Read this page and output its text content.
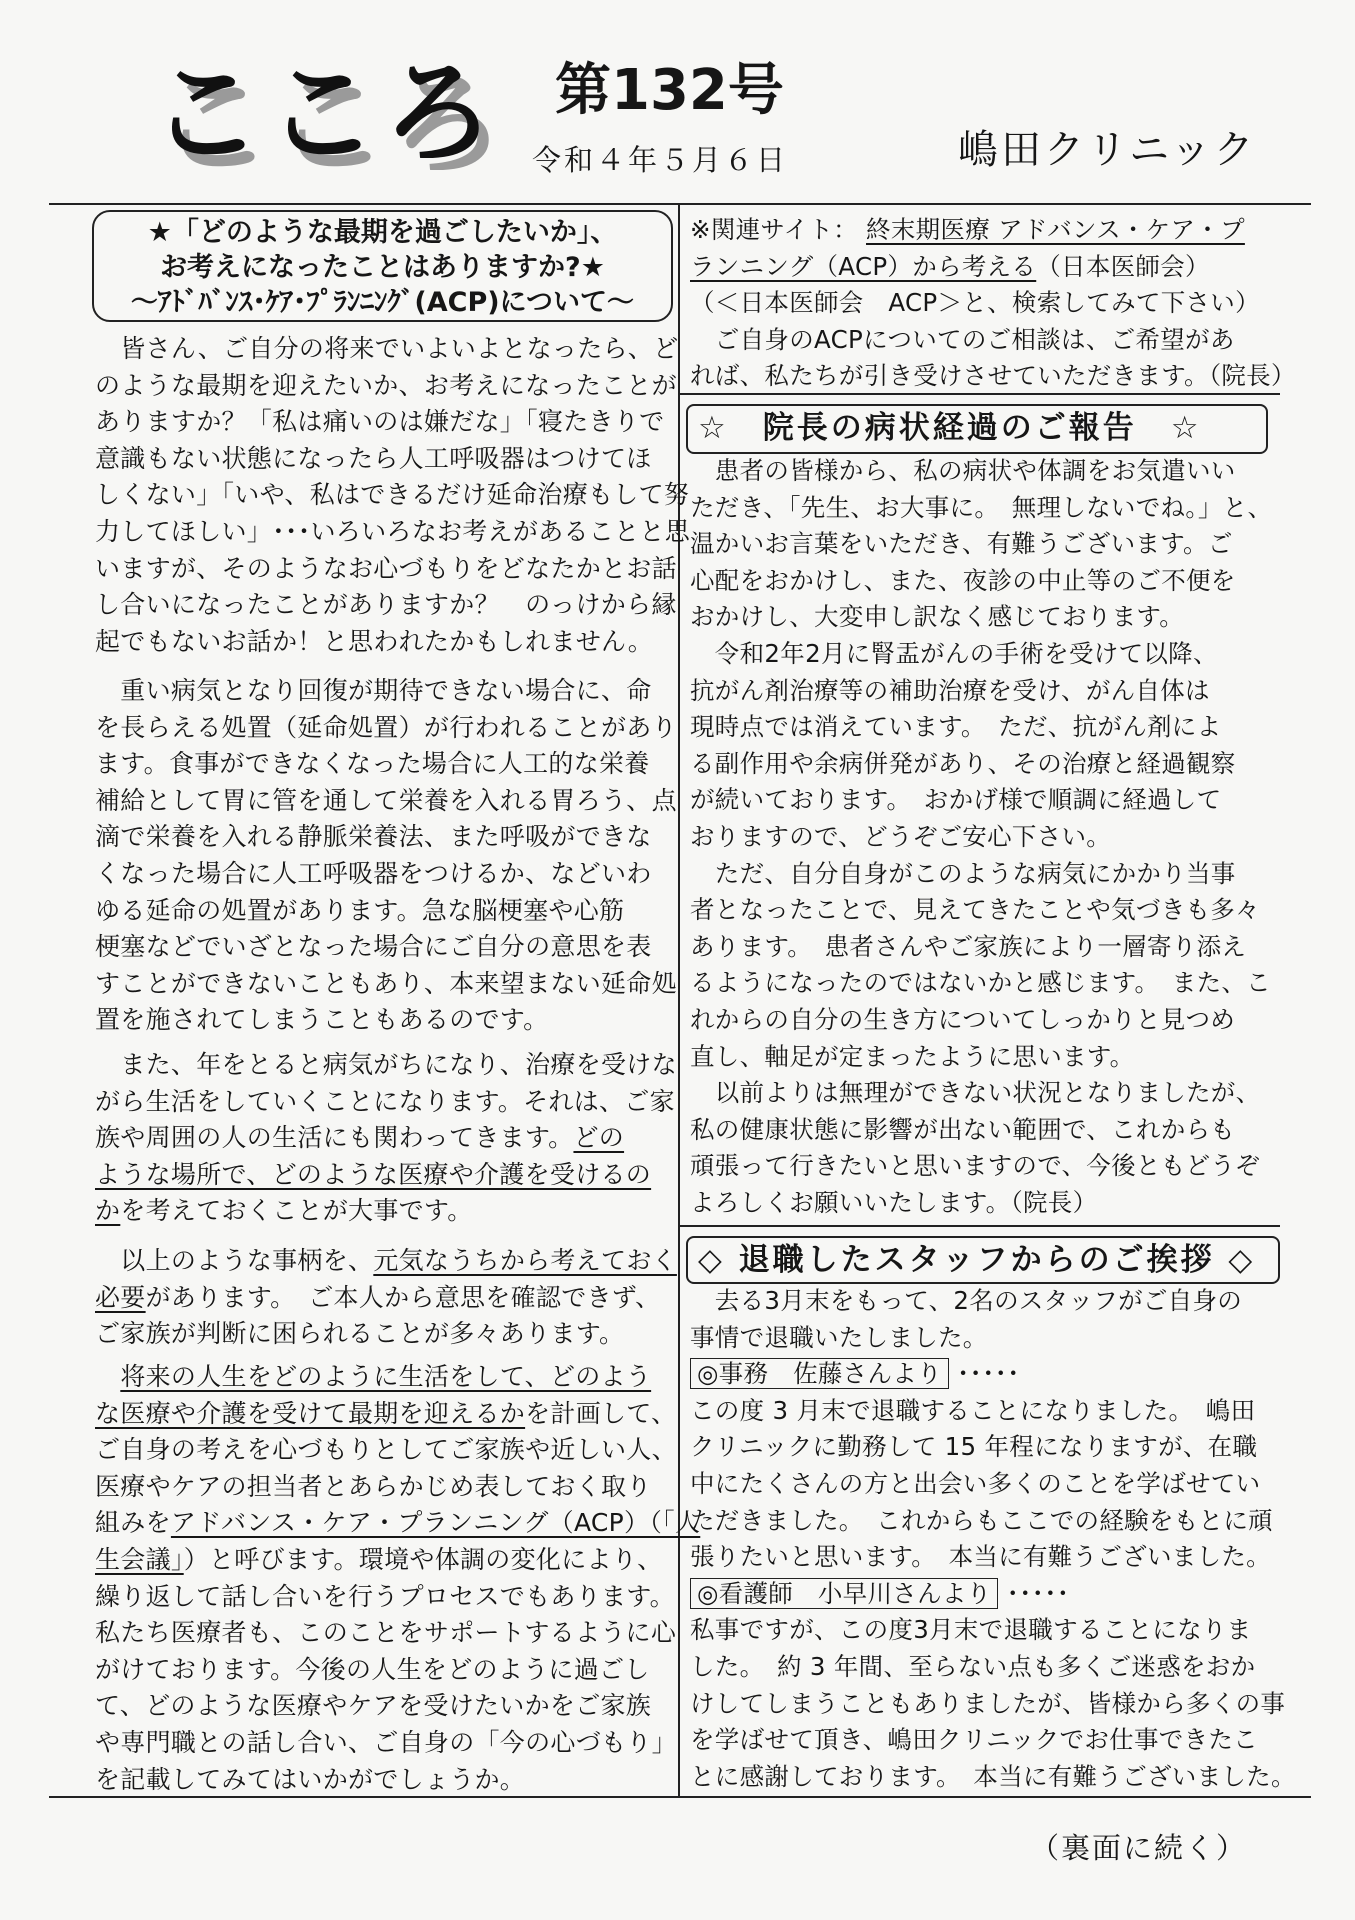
こころ 第132号
令和４年５月６日	嶋田クリニック
★「どのような最期を過ごしたいか」、
お考えになったことはありますか?★
～ｱﾄﾞﾊﾞﾝｽ･ｹｱ･ﾌﾟﾗﾝﾆﾝｸﾞ(ACP)について～
　皆さん、ご自分の将来でいよいよとなったら、ど
のような最期を迎えたいか、お考えになったことが
ありますか？「私は痛いのは嫌だな」「寝たきりで
意識もない状態になったら人工呼吸器はつけてほ
しくない」「いや、私はできるだけ延命治療もして努
力してほしい」･･･いろいろなお考えがあることと思
いますが、そのようなお心づもりをどなたかとお話
し合いになったことがありますか？　のっけから縁
起でもないお話か！と思われたかもしれません。
　重い病気となり回復が期待できない場合に、命
を長らえる処置（延命処置）が行われることがあり
ます。食事ができなくなった場合に人工的な栄養
補給として胃に管を通して栄養を入れる胃ろう、点
滴で栄養を入れる静脈栄養法、また呼吸ができな
くなった場合に人工呼吸器をつけるか、などいわ
ゆる延命の処置があります。急な脳梗塞や心筋
梗塞などでいざとなった場合にご自分の意思を表
すことができないこともあり、本来望まない延命処
置を施されてしまうこともあるのです。
　また、年をとると病気がちになり、治療を受けな
がら生活をしていくことになります。それは、ご家
族や周囲の人の生活にも関わってきます。どの
ような場所で、どのような医療や介護を受けるの
かを考えておくことが大事です。
　以上のような事柄を、元気なうちから考えておく
必要があります。　ご本人から意思を確認できず、
ご家族が判断に困られることが多々あります。
　将来の人生をどのように生活をして、どのよう
な医療や介護を受けて最期を迎えるかを計画して、
ご自身の考えを心づもりとしてご家族や近しい人、
医療やケアの担当者とあらかじめ表しておく取り
組みをアドバンス・ケア・プランニング（ACP）（「人
生会議」）と呼びます。環境や体調の変化により、
繰り返して話し合いを行うプロセスでもあります。
私たち医療者も、このことをサポートするように心
がけております。今後の人生をどのように過ごし
て、どのような医療やケアを受けたいかをご家族
や専門職との話し合い、ご自身の「今の心づもり」
を記載してみてはいかがでしょうか。
※関連サイト： 終末期医療 アドバンス・ケア・プ
ランニング（ACP）から考える（日本医師会）
（＜日本医師会　ACP＞と、検索してみて下さい）
　ご自身のACPについてのご相談は、ご希望があ
れば、私たちが引き受けさせていただきます。（院長）
☆　院長の病状経過のご報告　☆
　患者の皆様から、私の病状や体調をお気遣いい
ただき、「先生、お大事に。　無理しないでね。」と、
温かいお言葉をいただき、有難うございます。ご
心配をおかけし、また、夜診の中止等のご不便を
おかけし、大変申し訳なく感じております。
　令和2年2月に腎盂がんの手術を受けて以降、
抗がん剤治療等の補助治療を受け、がん自体は
現時点では消えています。　ただ、抗がん剤によ
る副作用や余病併発があり、その治療と経過観察
が続いております。　おかげ様で順調に経過して
おりますので、どうぞご安心下さい。
　ただ、自分自身がこのような病気にかかり当事
者となったことで、見えてきたことや気づきも多々
あります。　患者さんやご家族により一層寄り添え
るようになったのではないかと感じます。　また、こ
れからの自分の生き方についてしっかりと見つめ
直し、軸足が定まったように思います。
　以前よりは無理ができない状況となりましたが、
私の健康状態に影響が出ない範囲で、これからも
頑張って行きたいと思いますので、今後ともどうぞ
よろしくお願いいたします。（院長）
◇ 退職したスタッフからのご挨拶 ◇
　去る3月末をもって、2名のスタッフがご自身の
事情で退職いたしました。
◎事務　佐藤さんより ･････
この度 3 月末で退職することになりました。　嶋田
クリニックに勤務して 15 年程になりますが、在職
中にたくさんの方と出会い多くのことを学ばせてい
ただきました。　これからもここでの経験をもとに頑
張りたいと思います。　本当に有難うございました。
◎看護師　小早川さんより ･････
私事ですが、この度3月末で退職することになりま
した。　約 3 年間、至らない点も多くご迷惑をおか
けしてしまうこともありましたが、皆様から多くの事
を学ばせて頂き、嶋田クリニックでお仕事できたこ
とに感謝しております。　本当に有難うございました。
（裏面に続く）
